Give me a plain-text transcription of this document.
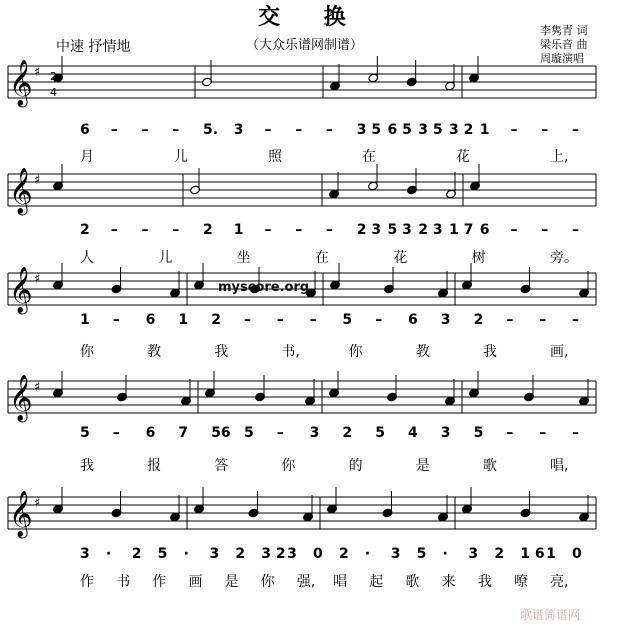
交 换
（大众乐谱网制谱）
中速 抒情地
李隽青 词
梁乐音 曲
周璇演唱
𝄞 ♯
𝄞 ♯
𝄞 ♯
𝄞 ♯
𝄞 ♯
2
4
6 – – – 5. 3 – – – 3 5 6 5 3 5 3 2 1 – – –
月	儿	照	在	花	上,
2 – – – 2 1 – – – 2 3 5 3 2 3 1 7 6 – – –
人	儿	坐	在	花	树	旁。
1 – 6 1 2 – – – 5 – 6 3 2 – – –
你	教	我	书,	你	教	我	画,
5 – 6 7 56 5 – 3 2 5 4 3 5 – – –
我	报	答	你	的	是	歌	唱,
3 · 2 5 · 3 2 3 2 3 0 2 · 3 5 · 3 2 1 6 1 0
作 书 作 画 是 你 强, 唱 起 歌 来 我 嘹 亮,
myscore.org
歌谱简谱网
